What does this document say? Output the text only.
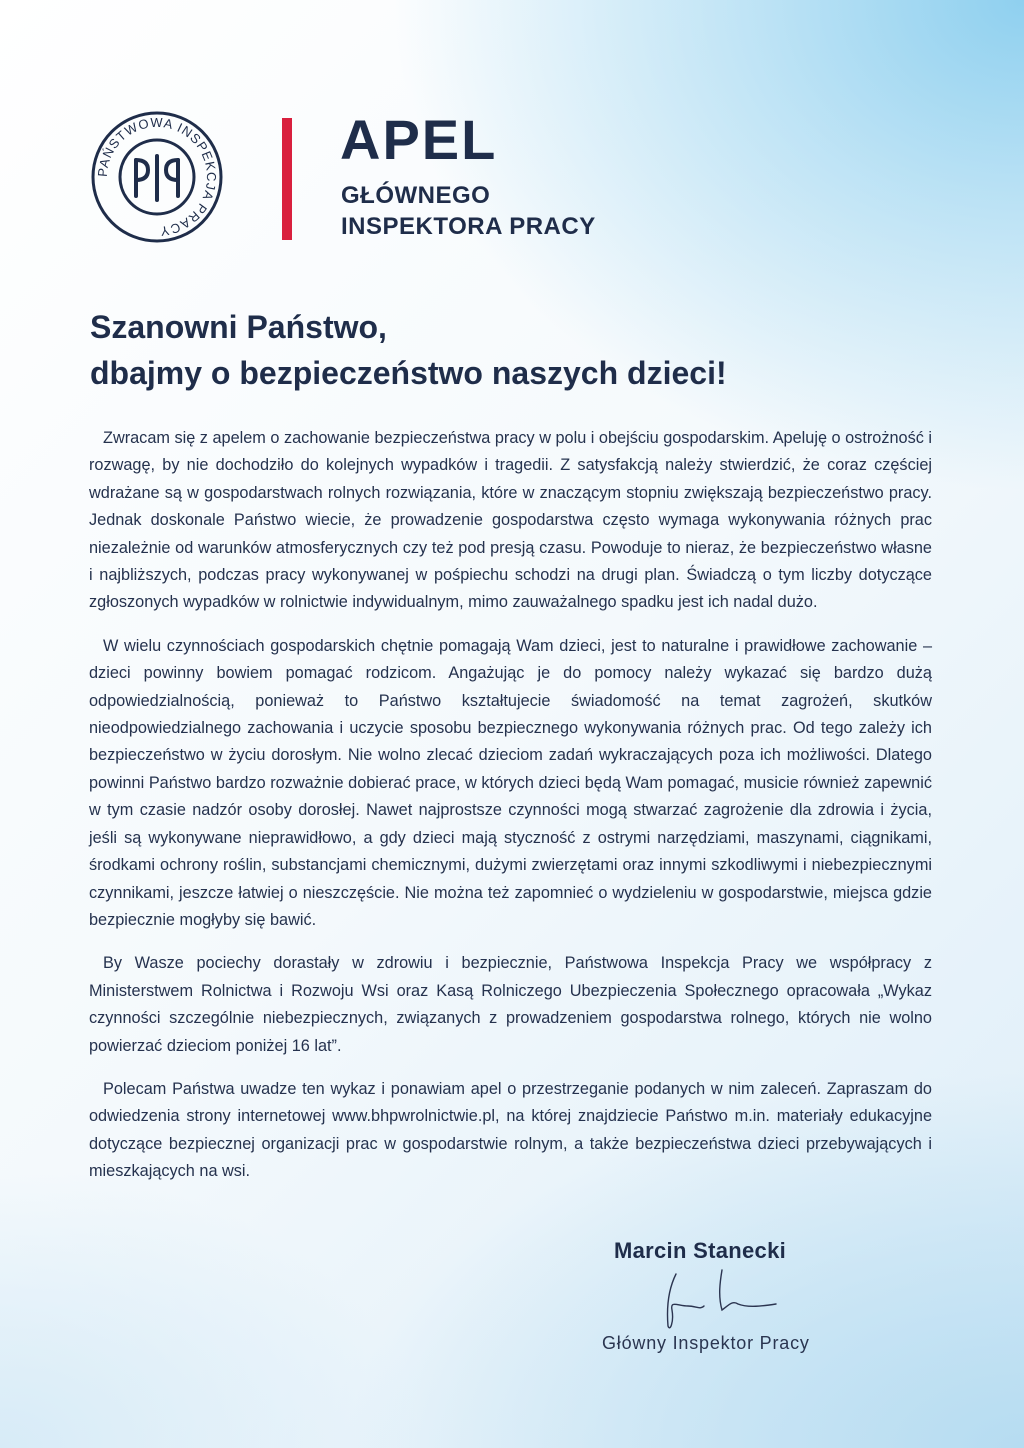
PAŃSTWOWA INSPEKCJA PRACY
APEL
GŁÓWNEGO
INSPEKTORA PRACY
Szanowni Państwo,
dbajmy o bezpieczeństwo naszych dzieci!

Zwracam się z apelem o zachowanie bezpieczeństwa pracy w polu i obejściu gospodarskim. Apeluję o ostrożność i rozwagę, by nie dochodziło do kolejnych wypadków i tragedii. Z satysfakcją należy stwierdzić, że coraz częściej wdrażane są w gospodarstwach rolnych rozwiązania, które w znaczącym stopniu zwiększają bezpieczeństwo pracy. Jednak doskonale Państwo wiecie, że prowadzenie gospodarstwa często wymaga wykonywania różnych prac niezależnie od warunków atmosferycznych czy też pod presją czasu. Powoduje to nieraz, że bezpieczeństwo własne i najbliższych, podczas pracy wykonywanej w pośpiechu schodzi na drugi plan. Świadczą o tym liczby dotyczące zgłoszonych wypadków w rolnictwie indywidualnym, mimo zauważalnego spadku jest ich nadal dużo.

W wielu czynnościach gospodarskich chętnie pomagają Wam dzieci, jest to naturalne i prawidłowe zachowanie – dzieci powinny bowiem pomagać rodzicom. Angażując je do pomocy należy wykazać się bardzo dużą odpowiedzialnością, ponieważ to Państwo kształtujecie świadomość na temat zagrożeń, skutków nieodpowiedzialnego zachowania i uczycie sposobu bezpiecznego wykonywania różnych prac. Od tego zależy ich bezpieczeństwo w życiu dorosłym. Nie wolno zlecać dzieciom zadań wykraczających poza ich możliwości. Dlatego powinni Państwo bardzo rozważnie dobierać prace, w których dzieci będą Wam pomagać, musicie również zapewnić w tym czasie nadzór osoby dorosłej. Nawet najprostsze czynności mogą stwarzać zagrożenie dla zdrowia i życia, jeśli są wykonywane nieprawidłowo, a gdy dzieci mają styczność z ostrymi narzędziami, maszynami, ciągnikami, środkami ochrony roślin, substancjami chemicznymi, dużymi zwierzętami oraz innymi szkodliwymi i niebezpiecznymi czynnikami, jeszcze łatwiej o nieszczęście. Nie można też zapomnieć o wydzieleniu w gospodarstwie, miejsca gdzie bezpiecznie mogłyby się bawić.

By Wasze pociechy dorastały w zdrowiu i bezpiecznie, Państwowa Inspekcja Pracy we współpracy z Ministerstwem Rolnictwa i Rozwoju Wsi oraz Kasą Rolniczego Ubezpieczenia Społecznego opracowała „Wykaz czynności szczególnie niebezpiecznych, związanych z prowadzeniem gospodarstwa rolnego, których nie wolno powierzać dzieciom poniżej 16 lat”.

Polecam Państwa uwadze ten wykaz i ponawiam apel o przestrzeganie podanych w nim zaleceń. Zapraszam do odwiedzenia strony internetowej www.bhpwrolnictwie.pl, na której znajdziecie Państwo m.in. materiały edukacyjne dotyczące bezpiecznej organizacji prac w gospodarstwie rolnym, a także bezpieczeństwa dzieci przebywających i mieszkających na wsi.

Marcin Stanecki
Główny Inspektor Pracy
